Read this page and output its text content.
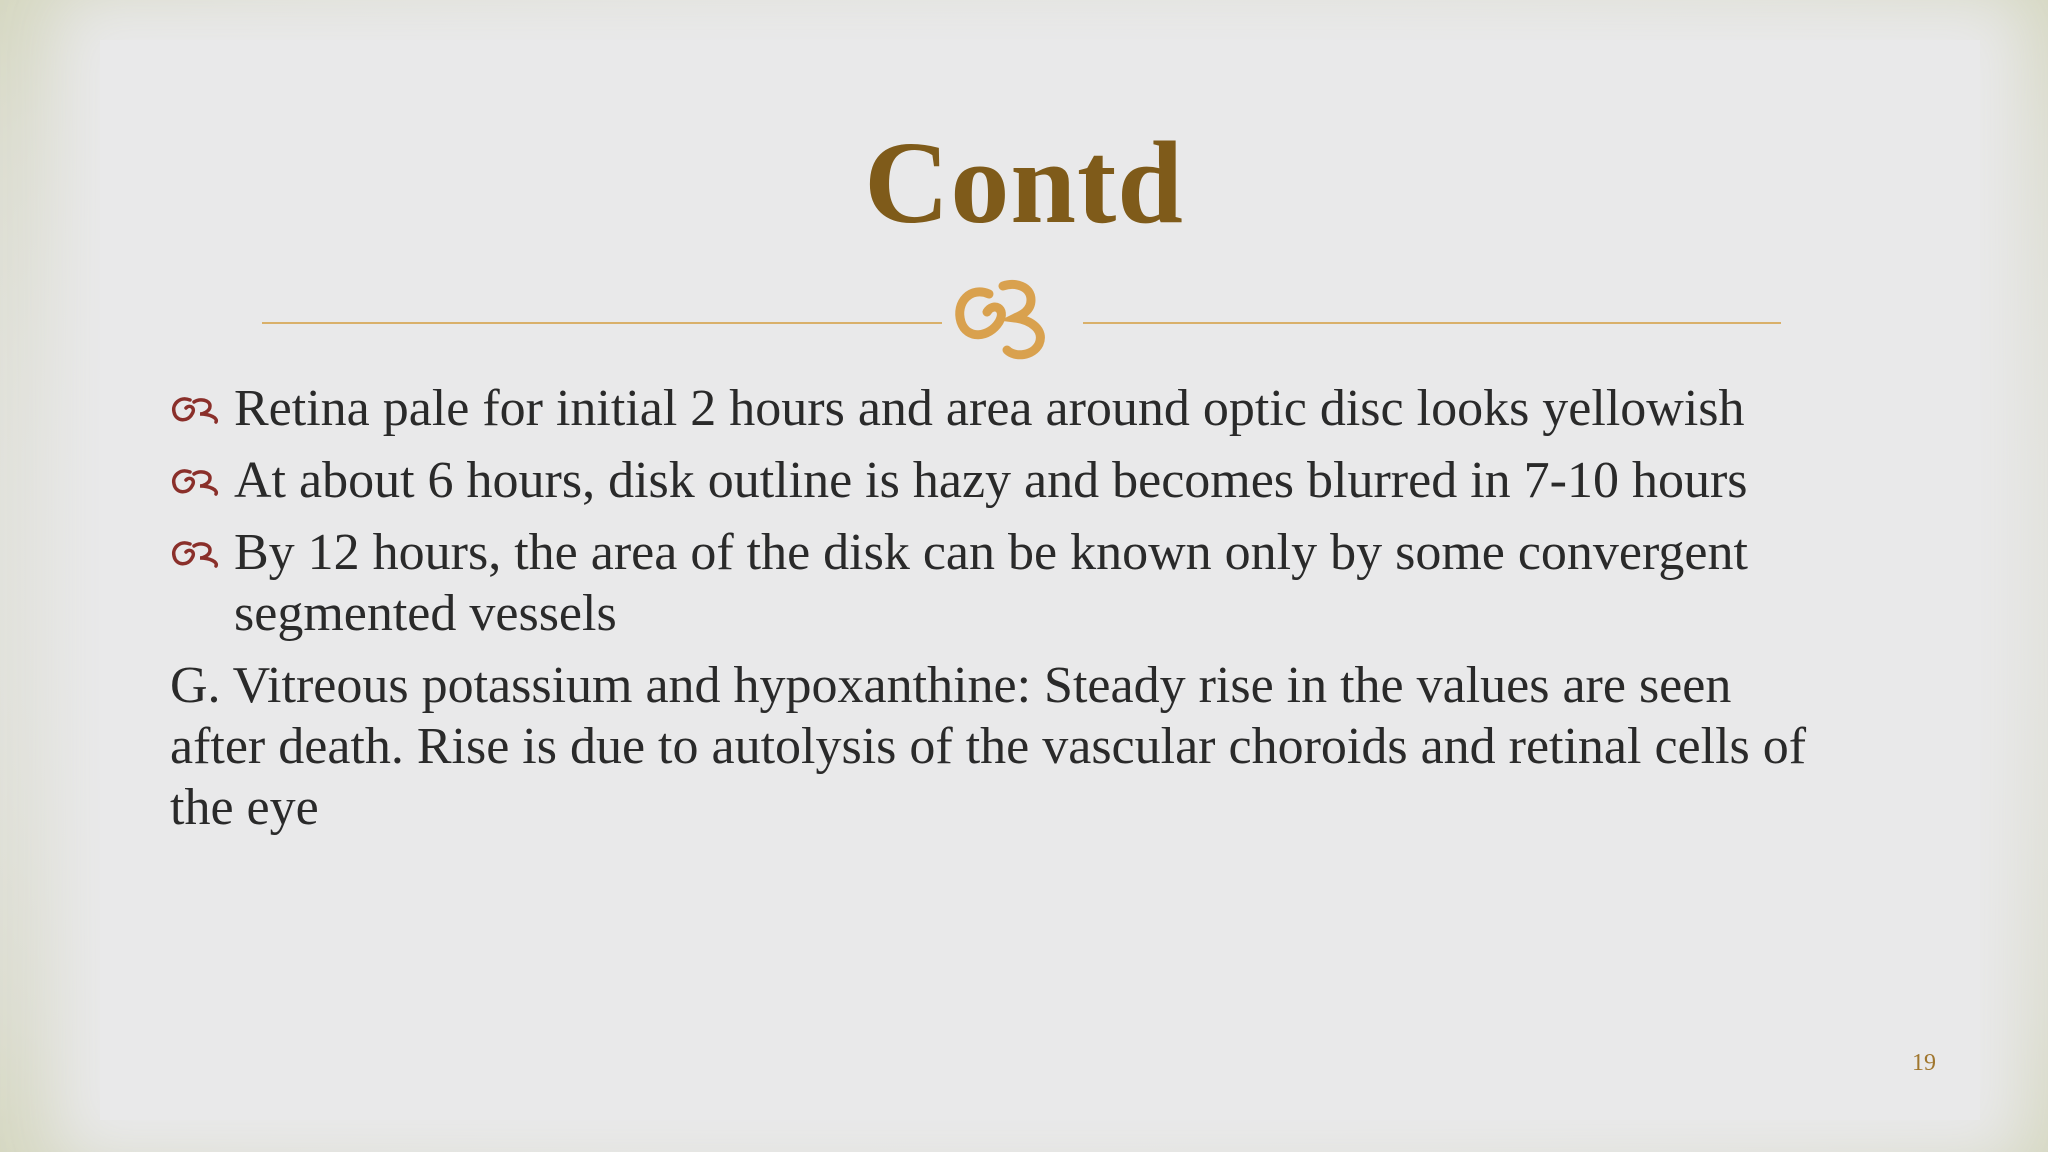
Contd
Retina pale for initial 2 hours and area around optic disc looks yellowish
At about 6 hours, disk outline is hazy and becomes blurred in 7-10 hours
By 12 hours, the area of the disk can be known only by some convergent segmented vessels

G. Vitreous potassium and hypoxanthine: Steady rise in the values are seen after death. Rise is due to autolysis of the vascular choroids and retinal cells of the eye

19
